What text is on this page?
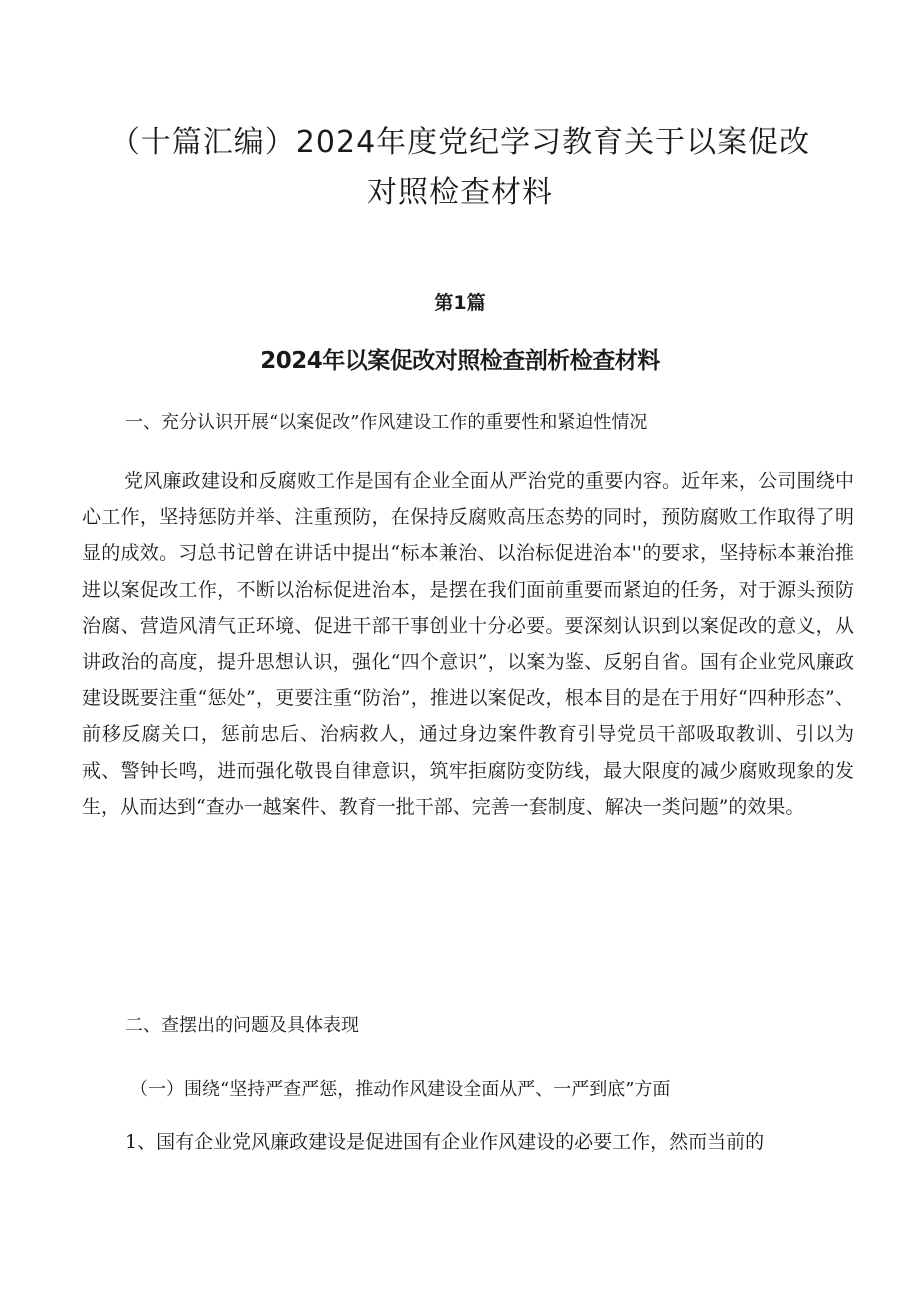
（十篇汇编）2024年度党纪学习教育关于以案促改
对照检查材料
第1篇
2024年以案促改对照检查剖析检查材料
一、充分认识开展“以案促改”作风建设工作的重要性和紧迫性情况

党风廉政建设和反腐败工作是国有企业全面从严治党的重要内容。近年来，公司围绕中心工作，坚持惩防并举、注重预防，在保持反腐败高压态势的同时，预防腐败工作取得了明显的成效。习总书记曾在讲话中提出“标本兼治、以治标促进治本''的要求，坚持标本兼治推进以案促改工作，不断以治标促进治本，是摆在我们面前重要而紧迫的任务，对于源头预防治腐、营造风清气正环境、促进干部干事创业十分必要。要深刻认识到以案促改的意义，从讲政治的高度，提升思想认识，强化“四个意识”，以案为鉴、反躬自省。国有企业党风廉政建设既要注重“惩处”，更要注重“防治”，推进以案促改，根本目的是在于用好“四种形态”、前移反腐关口，惩前忠后、治病救人，通过身边案件教育引导党员干部吸取教训、引以为戒、警钟长鸣，进而强化敬畏自律意识，筑牢拒腐防变防线，最大限度的减少腐败现象的发生，从而达到“查办一越案件、教育一批干部、完善一套制度、解决一类问题”的效果。

二、查摆出的问题及具体表现
（一）围绕“坚持严查严惩，推动作风建设全面从严、一严到底”方面
1、国有企业党风廉政建设是促进国有企业作风建设的必要工作，然而当前的
